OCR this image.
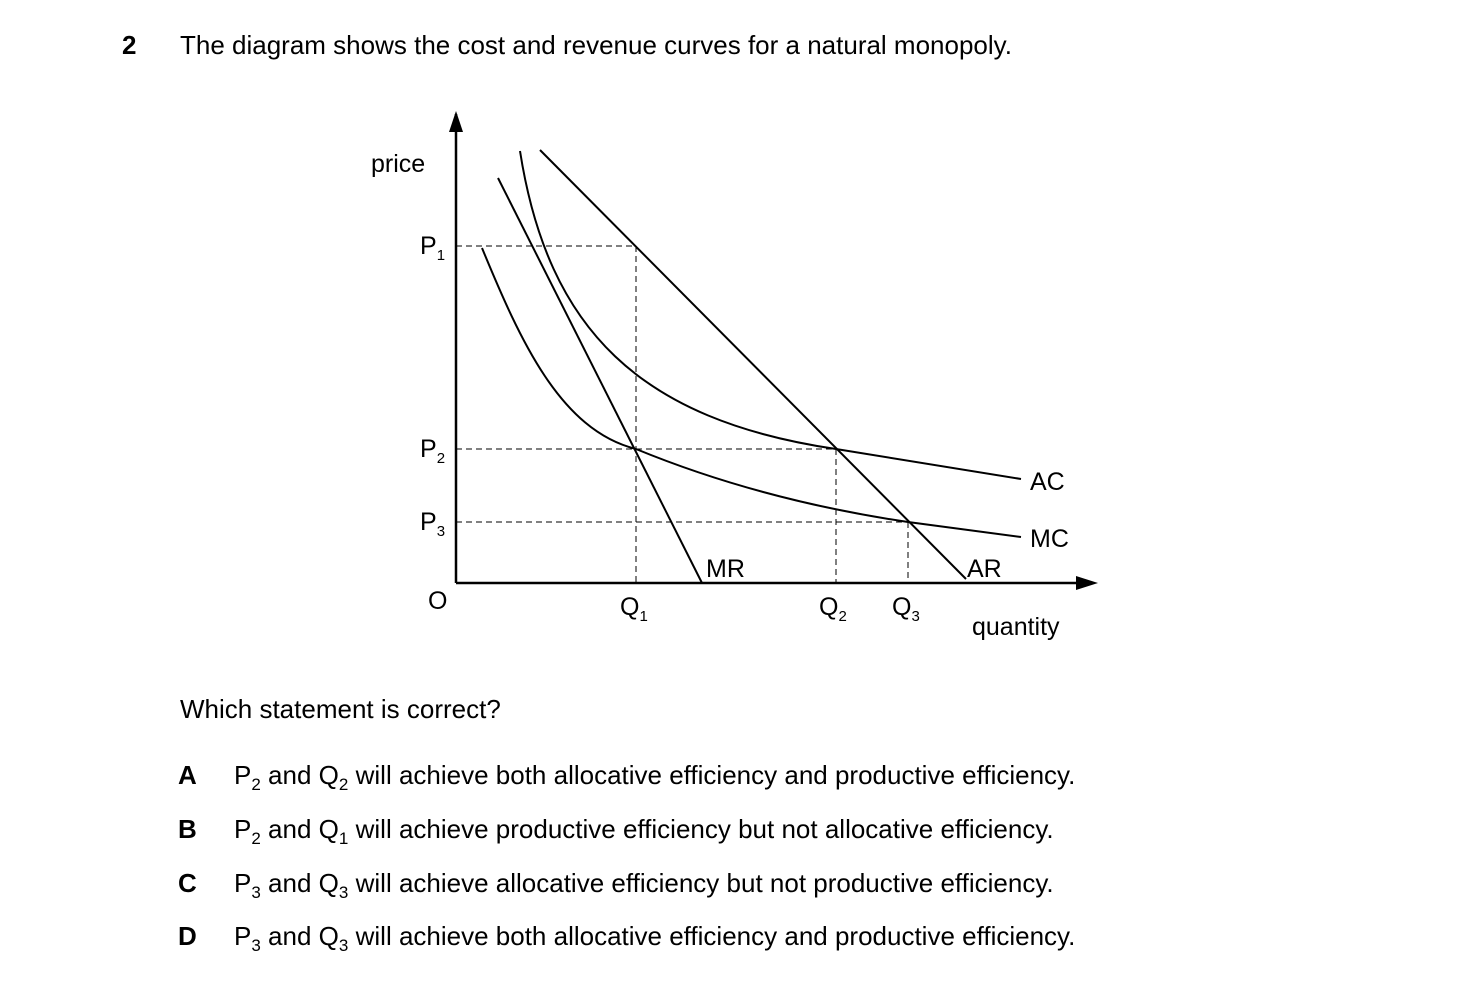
2 The diagram shows the cost and revenue curves for a natural monopoly.
price
quantity
O
$P_1$
$P_2$
$P_3$
$Q_1$	$Q_2$ $Q_3$
AC
MC
MR	AR
Which statement is correct?
A $P_2$ and $Q_2$ will achieve both allocative efficiency and productive efficiency.
B $P_2$ and $Q_1$ will achieve productive efficiency but not allocative efficiency.
C $P_3$ and $Q_3$ will achieve allocative efficiency but not productive efficiency.
D $P_3$ and $Q_3$ will achieve both allocative efficiency and productive efficiency.
